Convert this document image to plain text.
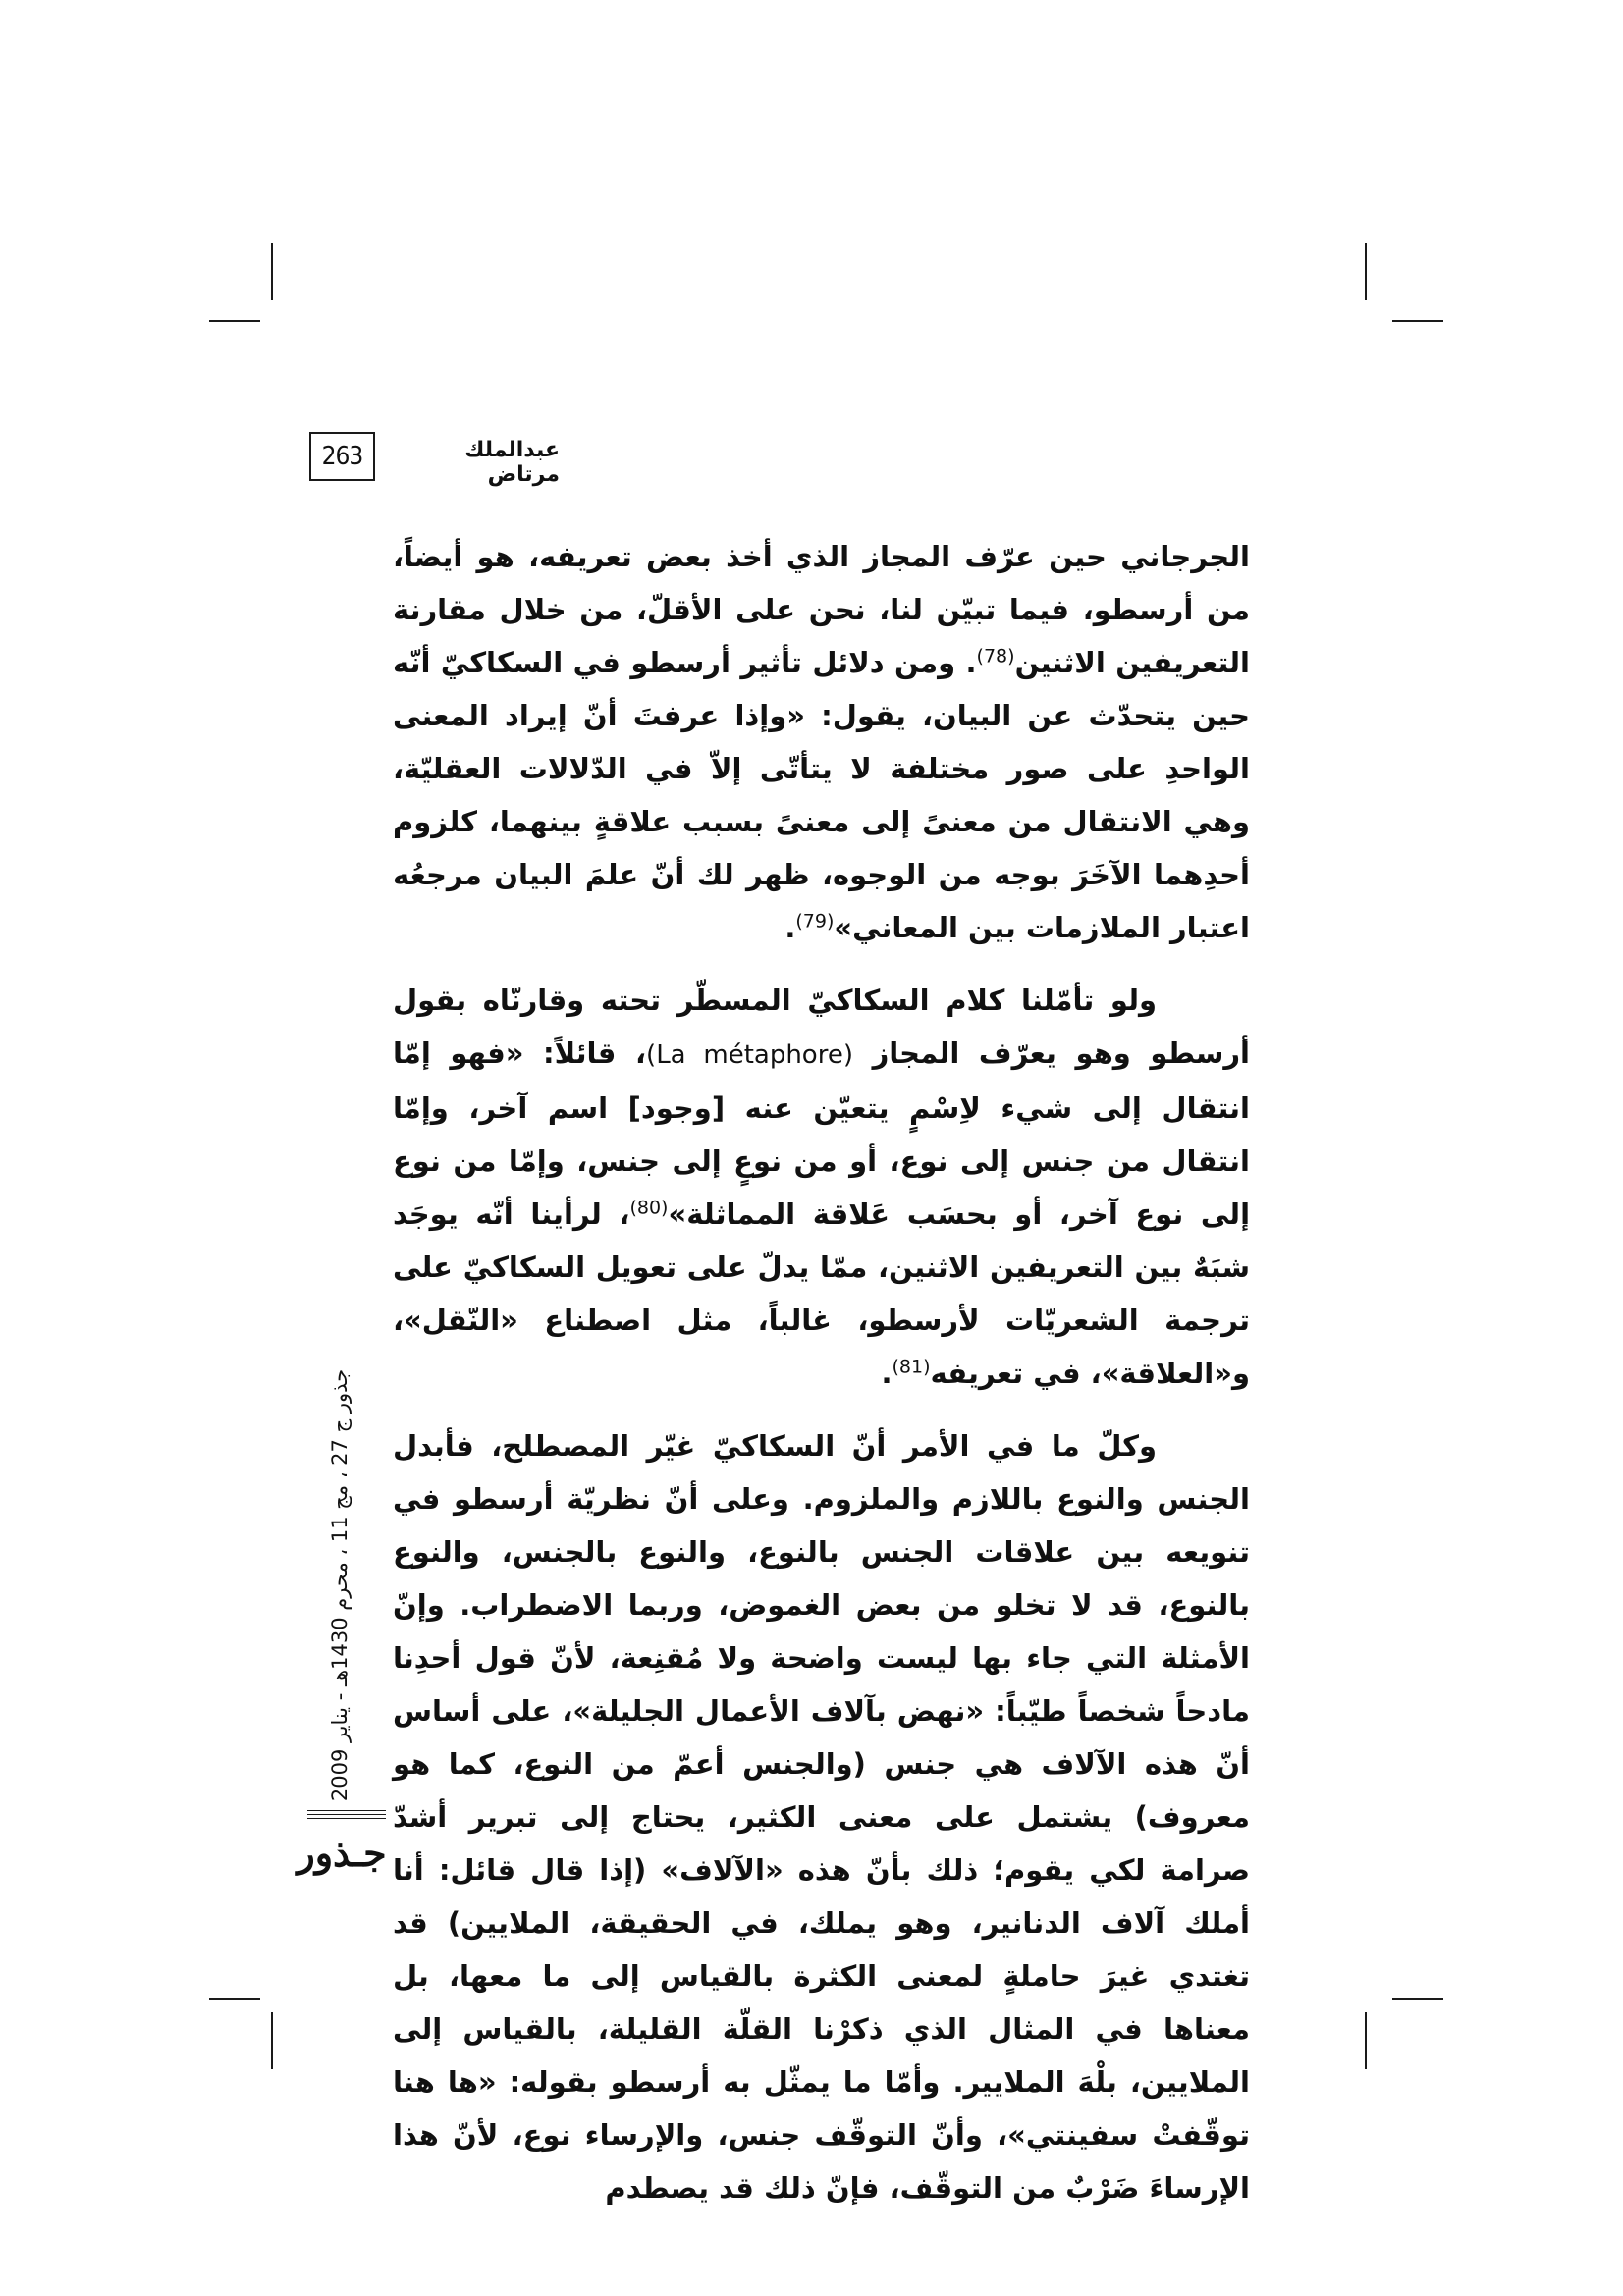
263	عبدالملك مرتاض

الجرجاني حين عرّف المجاز الذي أخذ بعض تعريفه، هو أيضاً، من أرسطو، فيما تبيّن لنا، نحن على الأقلّ، من خلال مقارنة التعريفين الاثنين$^{(78)}$. ومن دلائل تأثير أرسطو في السكاكيّ أنّه حين يتحدّث عن البيان، يقول: «وإذا عرفتَ أنّ إيراد المعنى الواحدِ على صور مختلفة لا يتأتّى إلاّ في الدّلالات العقليّة، وهي الانتقال من معنىً إلى معنىً بسبب علاقةٍ بينهما، كلزوم أحدِهما الآخَرَ بوجه من الوجوه، ظهر لك أنّ علمَ البيان مرجعُه اعتبار الملازمات بين المعاني»$^{(79)}$.

ولو تأمّلنا كلام السكاكيّ المسطّر تحته وقارنّاه بقول أرسطو وهو يعرّف المجاز (La métaphore)، قائلاً: «فهو إمّا انتقال إلى شيء لاِسْمٍ يتعيّن عنه [وجود] اسم آخر، وإمّا انتقال من جنس إلى نوع، أو من نوعٍ إلى جنس، وإمّا من نوع إلى نوع آخر، أو بحسَب عَلاقة المماثلة»$^{(80)}$، لرأينا أنّه يوجَد شبَهٌ بين التعريفين الاثنين، ممّا يدلّ على تعويل السكاكيّ على ترجمة الشعريّات لأرسطو، غالباً، مثل اصطناع «النّقل»، و«العلاقة»، في تعريفه$^{(81)}$.

وكلّ ما في الأمر أنّ السكاكيّ غيّر المصطلح، فأبدل الجنس والنوع باللازم والملزوم. وعلى أنّ نظريّة أرسطو في تنويعه بين علاقات الجنس بالنوع، والنوع بالجنس، والنوع بالنوع، قد لا تخلو من بعض الغموض، وربما الاضطراب. وإنّ الأمثلة التي جاء بها ليست واضحة ولا مُقنِعة، لأنّ قول أحدِنا مادحاً شخصاً طيّباً: «نهض بآلاف الأعمال الجليلة»، على أساس أنّ هذه الآلاف هي جنس (والجنس أعمّ من النوع، كما هو معروف) يشتمل على معنى الكثير، يحتاج إلى تبرير أشدّ صرامة لكي يقوم؛ ذلك بأنّ هذه «الآلاف» (إذا قال قائل: أنا أملك آلاف الدنانير، وهو يملك، في الحقيقة، الملايين) قد تغتدي غيرَ حاملةٍ لمعنى الكثرة بالقياس إلى ما معها، بل معناها في المثال الذي ذكرْنا القلّة القليلة، بالقياس إلى الملايين، بلْهَ الملايير. وأمّا ما يمثّل به أرسطو بقوله: «ها هنا توقّفتْ سفينتي»، وأنّ التوقّف جنس، والإرساء نوع، لأنّ هذا الإرساءَ ضَرْبٌ من التوقّف، فإنّ ذلك قد يصطدم

جذور ج 27 ، مج 11 ، محرم 1430هـ - يناير 2009
جـذور
